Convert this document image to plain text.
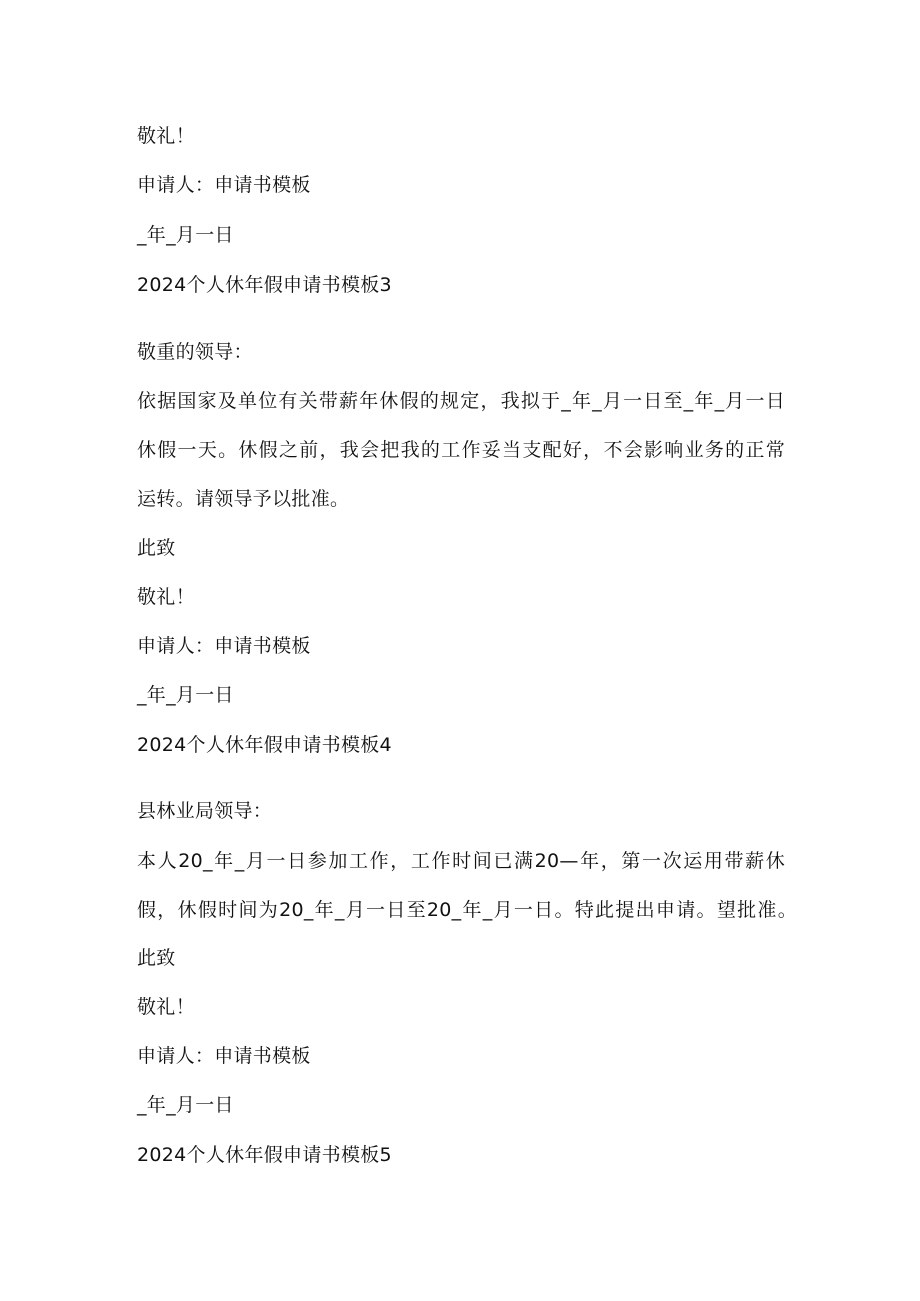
敬礼！
申请人：申请书模板
_年_月一日
2024个人休年假申请书模板3
敬重的领导：
依据国家及单位有关带薪年休假的规定，我拟于_年_月一日至_年_月一日
休假一天。休假之前，我会把我的工作妥当支配好，不会影响业务的正常
运转。请领导予以批准。
此致
敬礼！
申请人：申请书模板
_年_月一日
2024个人休年假申请书模板4
县林业局领导：
本人20_年_月一日参加工作，工作时间已满20—年，第一次运用带薪休
假，休假时间为20_年_月一日至20_年_月一日。特此提出申请。望批准。
此致
敬礼！
申请人：申请书模板
_年_月一日
2024个人休年假申请书模板5
